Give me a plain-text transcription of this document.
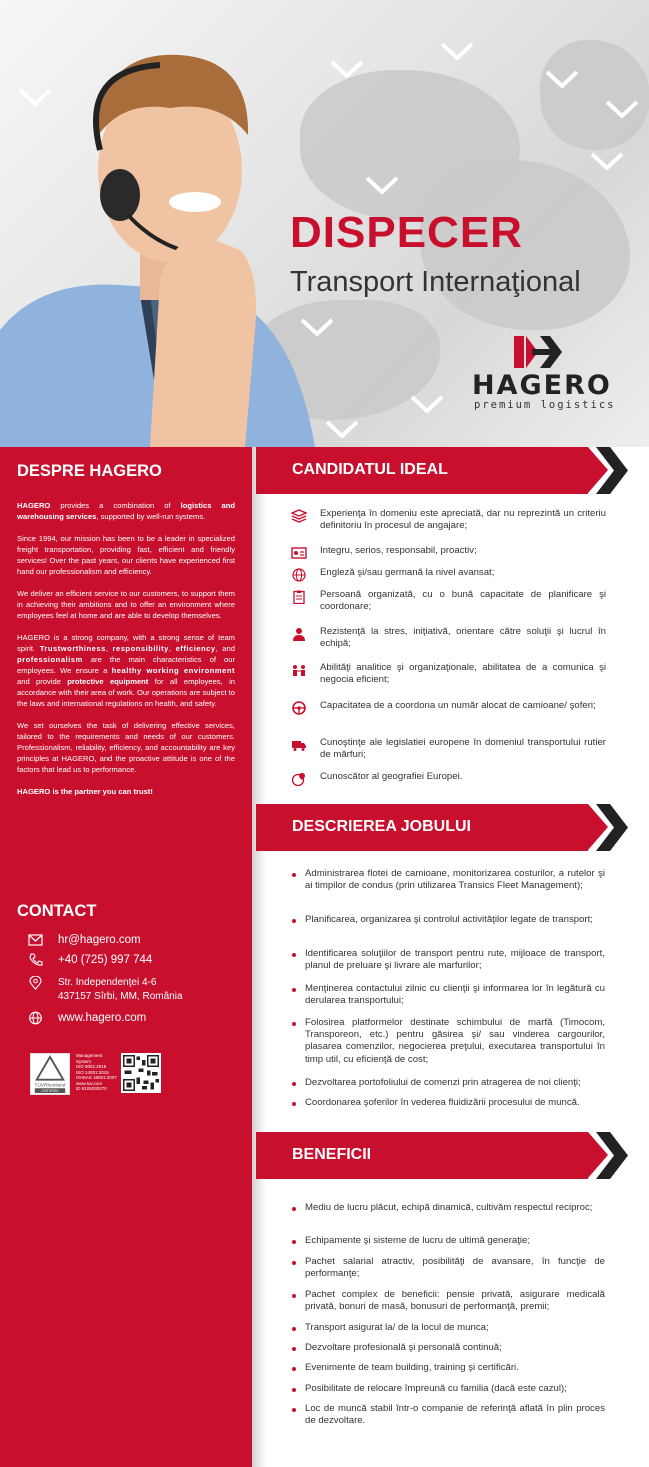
DISPECER
Transport Internaţional
HAGERO
premium logistics
DESPRE HAGERO

HAGERO provides a combination of logistics and warehousing services, supported by well-run systems.

Since 1994, our mission has been to be a leader in specialized freight transportation, providing fast, efficient and friendly services! Over the past years, our clients have experienced first hand our professionalism and efficiency.

We deliver an efficient service to our customers, to support them in achieving their ambitions and to offer an environment where employees feel at home and are able to develop themselves.

HAGERO is a strong company, with a strong sense of team spirit. Trustworthiness, responsibility, efficiency, and professionalism are the main characteristics of our employees. We ensure a healthy working environment and provide protective equipment for all employees, in accordance with their area of work. Our operations are subject to the laws and international regulations on health, and safety.

We set ourselves the task of delivering effective services, tailored to the requirements and needs of our customers. Professionalism, reliability, efficiency, and accountability are key principles at HAGERO, and the proactive attitude is one of the factors that lead us to performance.

HAGERO is the partner you can trust!

CONTACT
hr@hagero.com
+40 (725) 997 744
Str. Independenţei 4-6
437157 Sîrbi, MM, România
www.hagero.com
TÜVRheinland
CERTIFIED
Management
System
ISO 9001:2015
ISO 14001:2015
OHSAS 18001:2007
www.tuv.com
ID 9105030270
CANDIDATUL IDEAL
Experienţa în domeniu este apreciată, dar nu reprezintă un criteriu definitoriu în procesul de angajare;
Integru, serios, responsabil, proactiv;
Engleză şi/sau germană la nivel avansat;
Persoană organizată, cu o bună capacitate de planificare şi coordonare;
Rezistenţă la stres, iniţiativă, orientare către soluţii şi lucrul în echipă;
Abilităţi analitice şi organizaţionale, abilitatea de a comunica şi negocia eficient;
Capacitatea de a coordona un număr alocat de camioane/ şoferi;
Cunoştinţe ale legislatiei europene în domeniul transportului rutier de mărfuri;
Cunoscător al geografiei Europei.
DESCRIEREA JOBULUI
Administrarea flotei de camioane, monitorizarea costurilor, a rutelor şi ai timpilor de condus (prin utilizarea Transics Fleet Management);
Planificarea, organizarea şi controlul activităţilor legate de transport;
Identificarea soluţiilor de transport pentru rute, mijloace de transport, planul de preluare şi livrare ale marfurilor;
Menţinerea contactului zilnic cu clienţii şi informarea lor în legătură cu derularea transportului;
Folosirea platformelor destinate schimbului de marfă (Timocom, Transporeon, etc.) pentru găsirea şi/ sau vinderea cargourilor, plasarea comenzilor, negocierea preţului, executarea transportului în timp util, cu eficienţă de cost;
Dezvoltarea portofoliului de comenzi prin atragerea de noi clienţi;
Coordonarea şoferilor în vederea fluidizării procesului de muncă.
BENEFICII
Mediu de lucru plăcut, echipă dinamică, cultivăm respectul reciproc;
Echipamente şi sisteme de lucru de ultimă generaţie;
Pachet salarial atractiv, posibilităţi de avansare, în funcţie de performanţe;
Pachet complex de beneficii: pensie privată, asigurare medicală privată, bonuri de masă, bonusuri de performanţă, premii;
Transport asigurat la/ de la locul de munca;
Dezvoltare profesională şi personală continuă;
Evenimente de team building, training şi certificări.
Posibilitate de relocare împreună cu familia (dacă este cazul);
Loc de muncă stabil într-o companie de referinţă aflată în plin proces de dezvoltare.
